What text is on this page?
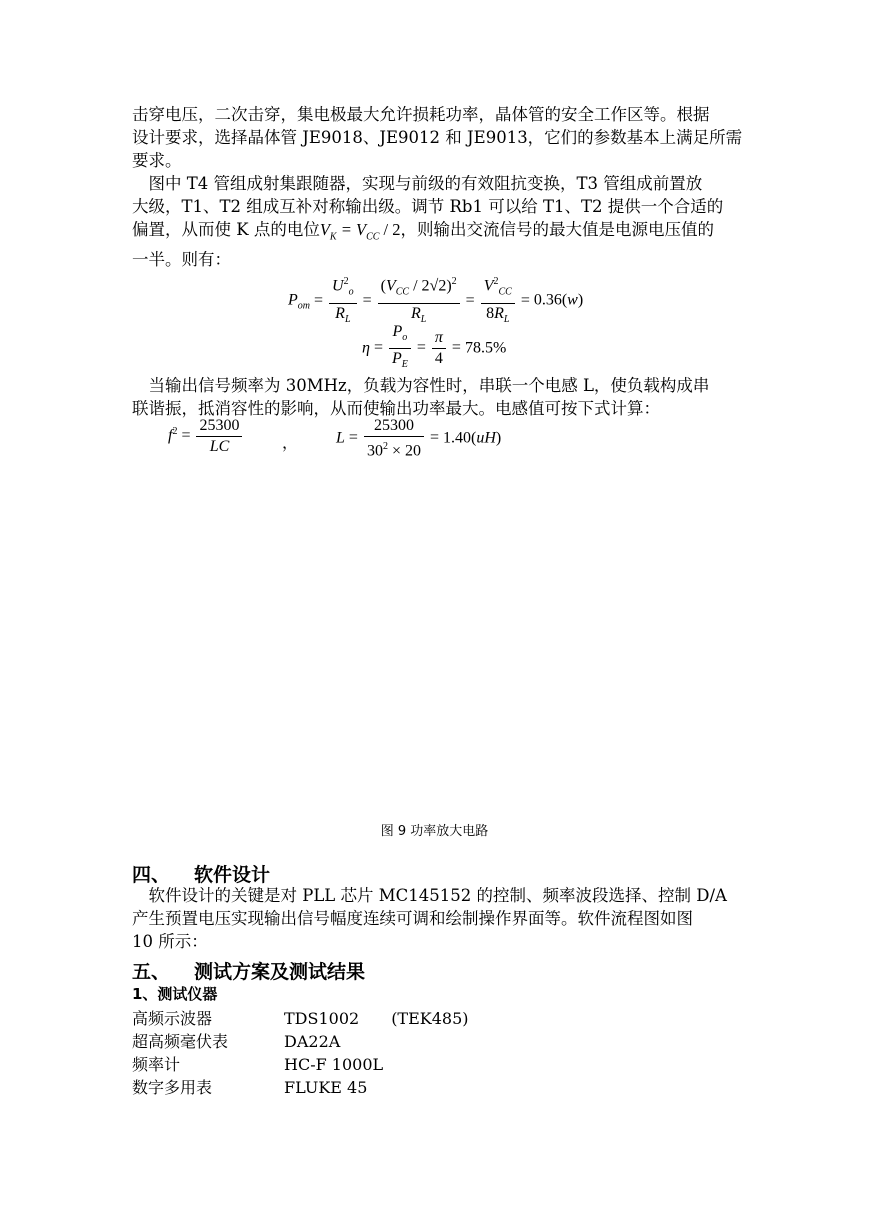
击穿电压，二次击穿，集电极最大允许损耗功率，晶体管的安全工作区等。根据
设计要求，选择晶体管 JE9018、JE9012 和 JE9013，它们的参数基本上满足所需
要求。

　图中 T4 管组成射集跟随器，实现与前级的有效阻抗变换，T3 管组成前置放
大级，T1、T2 组成互补对称输出级。调节 Rb1 可以给 T1、T2 提供一个合适的
偏置，从而使 K 点的电位$V_K = V_{CC} / 2$，则输出交流信号的最大值是电源电压值的
一半。则有：

$P_{om} = \frac{U^2_o}{R_L} = \frac{(V_{CC} / 2√2)^2}{R_L} = \frac{V^2_{CC}}{8R_L} = 0.36(w)$
$\eta = \frac{P_o}{P_E} = \frac{\pi}{4} = 78.5\%$

　当输出信号频率为 30MHz，负载为容性时，串联一个电感 L，使负载构成串
联谐振，抵消容性的影响，从而使输出功率最大。电感值可按下式计算：

$f^2 = \frac{25300}{LC}$ ， $L = \frac{25300}{30^2 \times 20} = 1.40(uH)$
图 9 功率放大电路
四、 软件设计

　软件设计的关键是对 PLL 芯片 MC145152 的控制、频率波段选择、控制 D/A
产生预置电压实现输出信号幅度连续可调和绘制操作界面等。软件流程图如图
10 所示：

五、 测试方案及测试结果
1、测试仪器
高频示波器	TDS1002 (TEK485)
超高频毫伏表	DA22A
频率计	HC-F 1000L
数字多用表	FLUKE 45
